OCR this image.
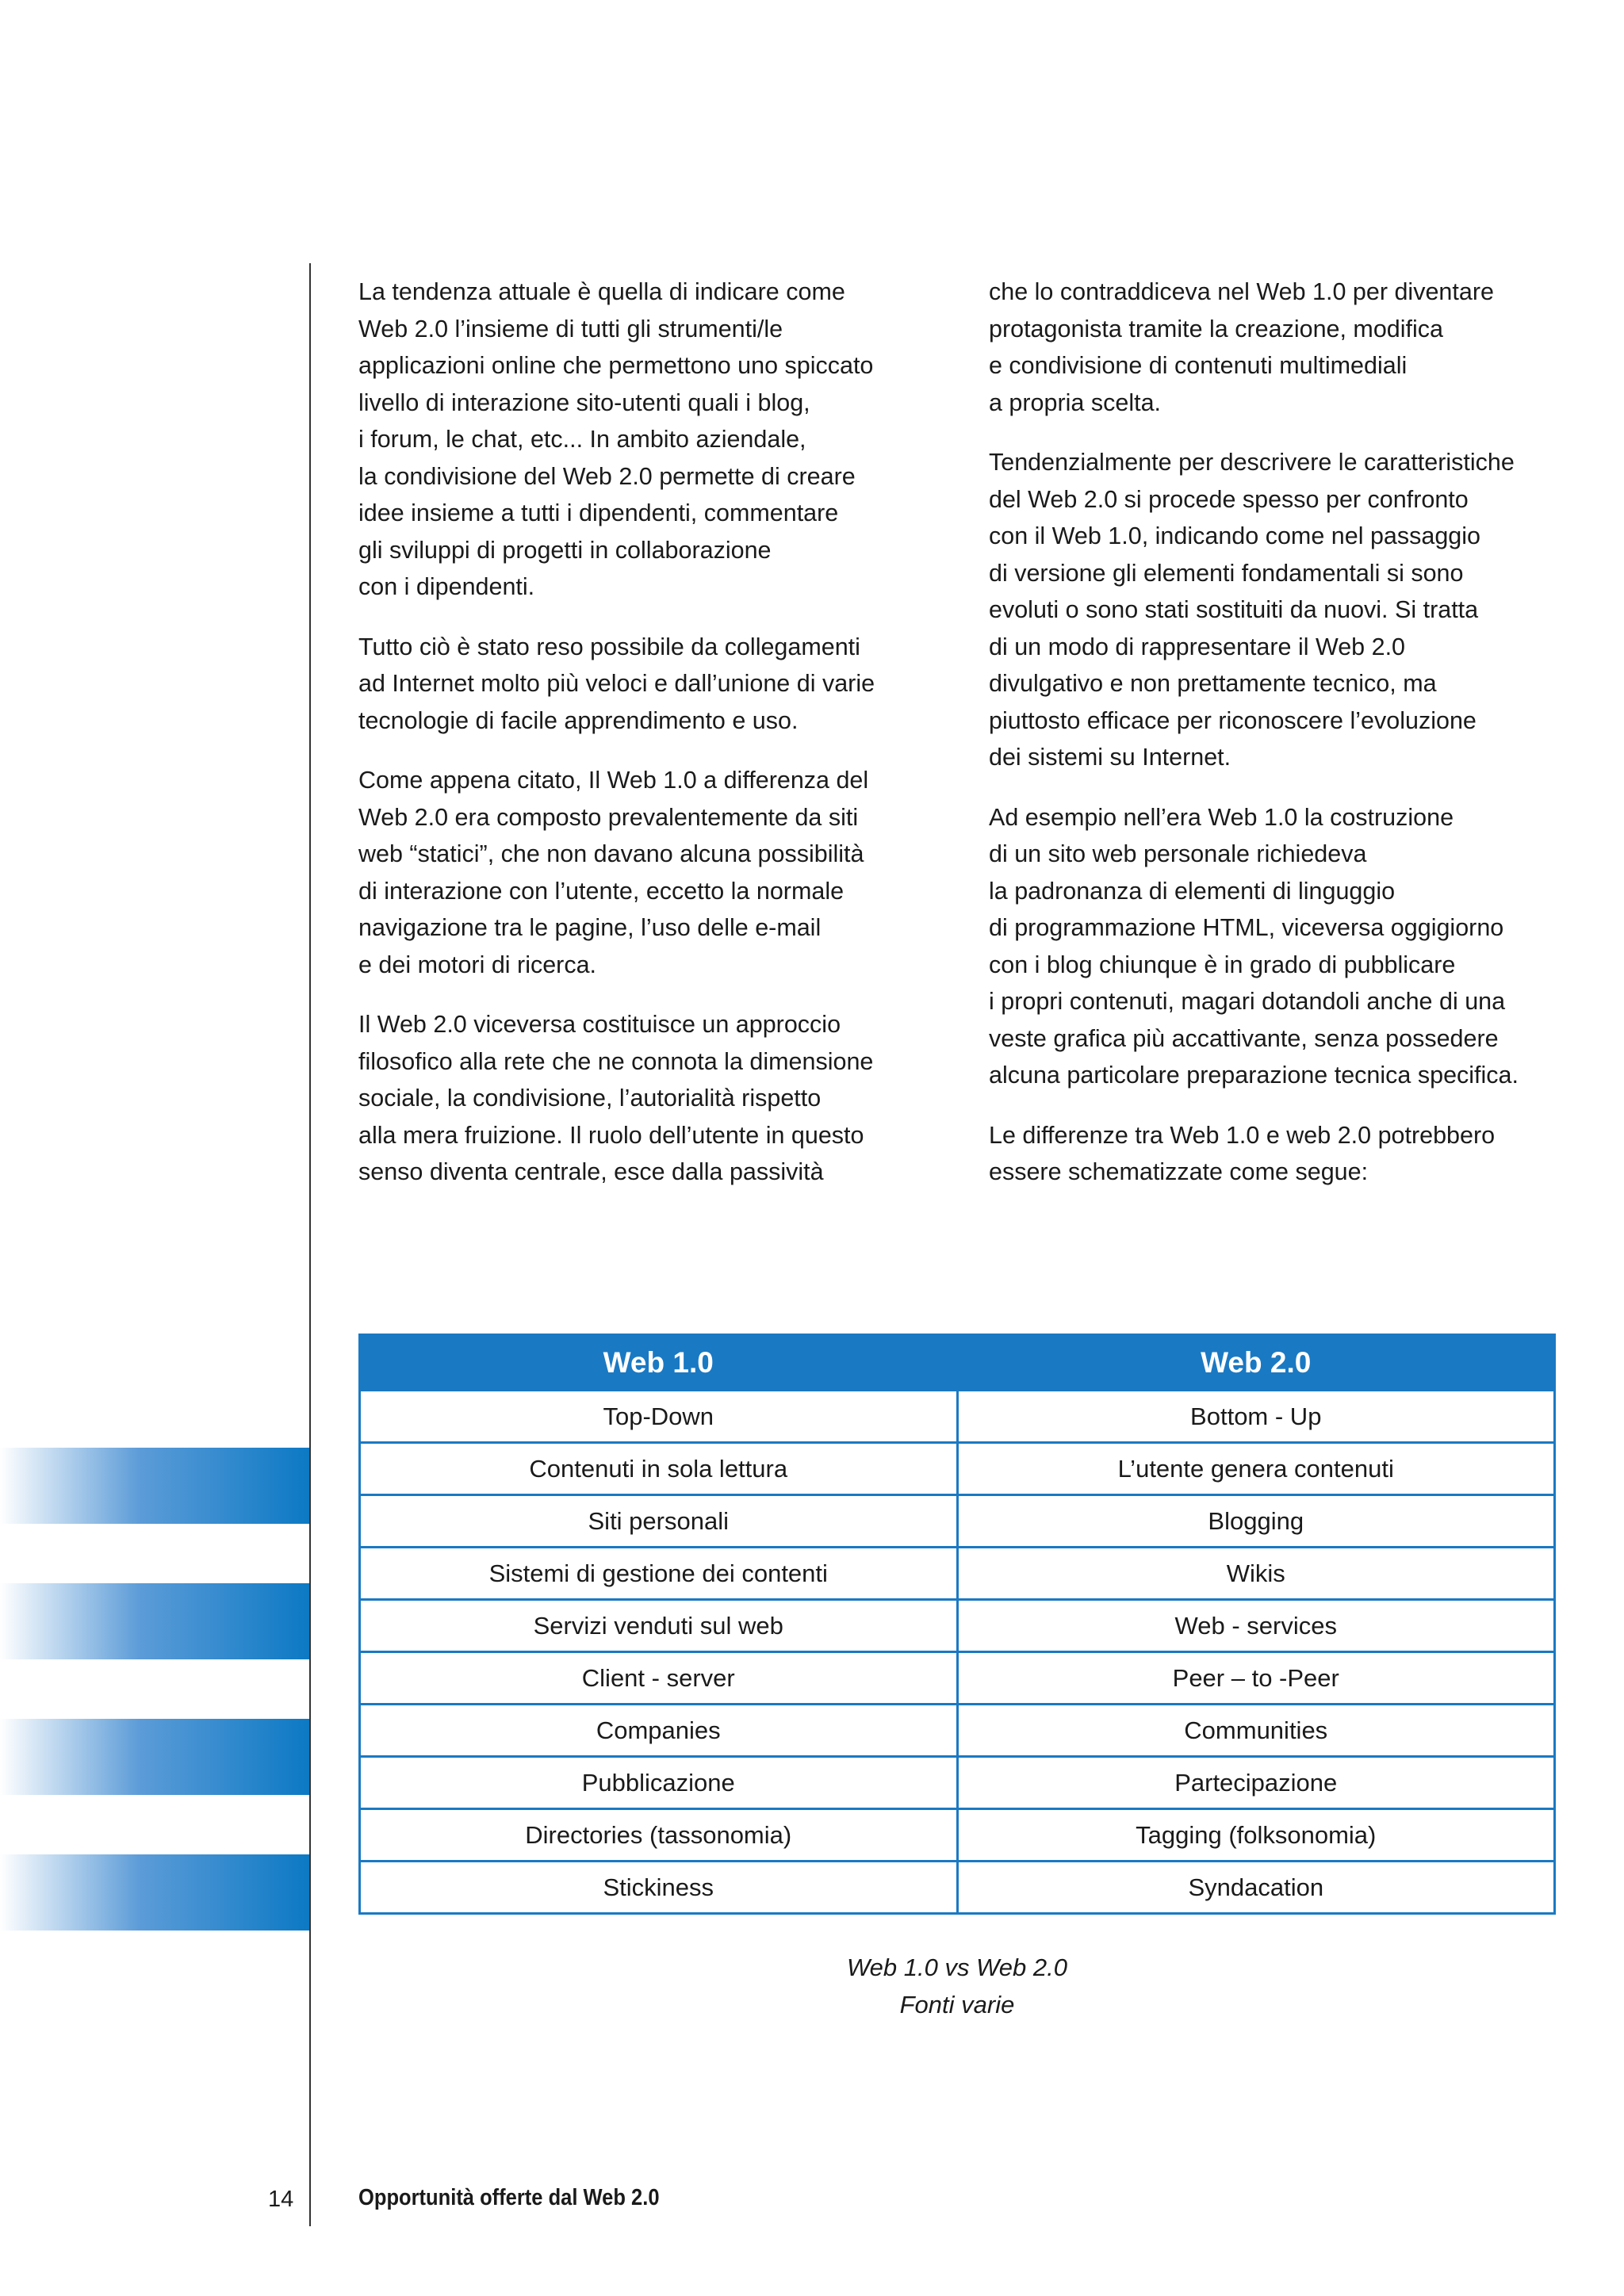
La tendenza attuale è quella di indicare come
Web 2.0 l’insieme di tutti gli strumenti/le
applicazioni online che permettono uno spiccato
livello di interazione sito-utenti quali i blog,
i forum, le chat, etc... In ambito aziendale,
la condivisione del Web 2.0 permette di creare
idee insieme a tutti i dipendenti, commentare
gli sviluppi di progetti in collaborazione
con i dipendenti.

Tutto ciò è stato reso possibile da collegamenti
ad Internet molto più veloci e dall’unione di varie
tecnologie di facile apprendimento e uso.

Come appena citato, Il Web 1.0 a differenza del
Web 2.0 era composto prevalentemente da siti
web “statici”, che non davano alcuna possibilità
di interazione con l’utente, eccetto la normale
navigazione tra le pagine, l’uso delle e-mail
e dei motori di ricerca.

Il Web 2.0 viceversa costituisce un approccio
filosofico alla rete che ne connota la dimensione
sociale, la condivisione, l’autorialità rispetto
alla mera fruizione. Il ruolo dell’utente in questo
senso diventa centrale, esce dalla passività

che lo contraddiceva nel Web 1.0 per diventare
protagonista tramite la creazione, modifica
e condivisione di contenuti multimediali
a propria scelta.

Tendenzialmente per descrivere le caratteristiche
del Web 2.0 si procede spesso per confronto
con il Web 1.0, indicando come nel passaggio
di versione gli elementi fondamentali si sono
evoluti o sono stati sostituiti da nuovi. Si tratta
di un modo di rappresentare il Web 2.0
divulgativo e non prettamente tecnico, ma
piuttosto efficace per riconoscere l’evoluzione
dei sistemi su Internet.

Ad esempio nell’era Web 1.0 la costruzione
di un sito web personale richiedeva
la padronanza di elementi di linguggio
di programmazione HTML, viceversa oggigiorno
con i blog chiunque è in grado di pubblicare
i propri contenuti, magari dotandoli anche di una
veste grafica più accattivante, senza possedere
alcuna particolare preparazione tecnica specifica.

Le differenze tra Web 1.0 e web 2.0 potrebbero
essere schematizzate come segue:

Web 1.0	Web 2.0
Top-Down	Bottom - Up
Contenuti in sola lettura	L’utente genera contenuti
Siti personali	Blogging
Sistemi di gestione dei contenti	Wikis
Servizi venduti sul web	Web - services
Client - server	Peer – to -Peer
Companies	Communities
Pubblicazione	Partecipazione
Directories (tassonomia)	Tagging (folksonomia)
Stickiness	Syndacation
Web 1.0 vs Web 2.0
Fonti varie
14	Opportunità offerte dal Web 2.0
